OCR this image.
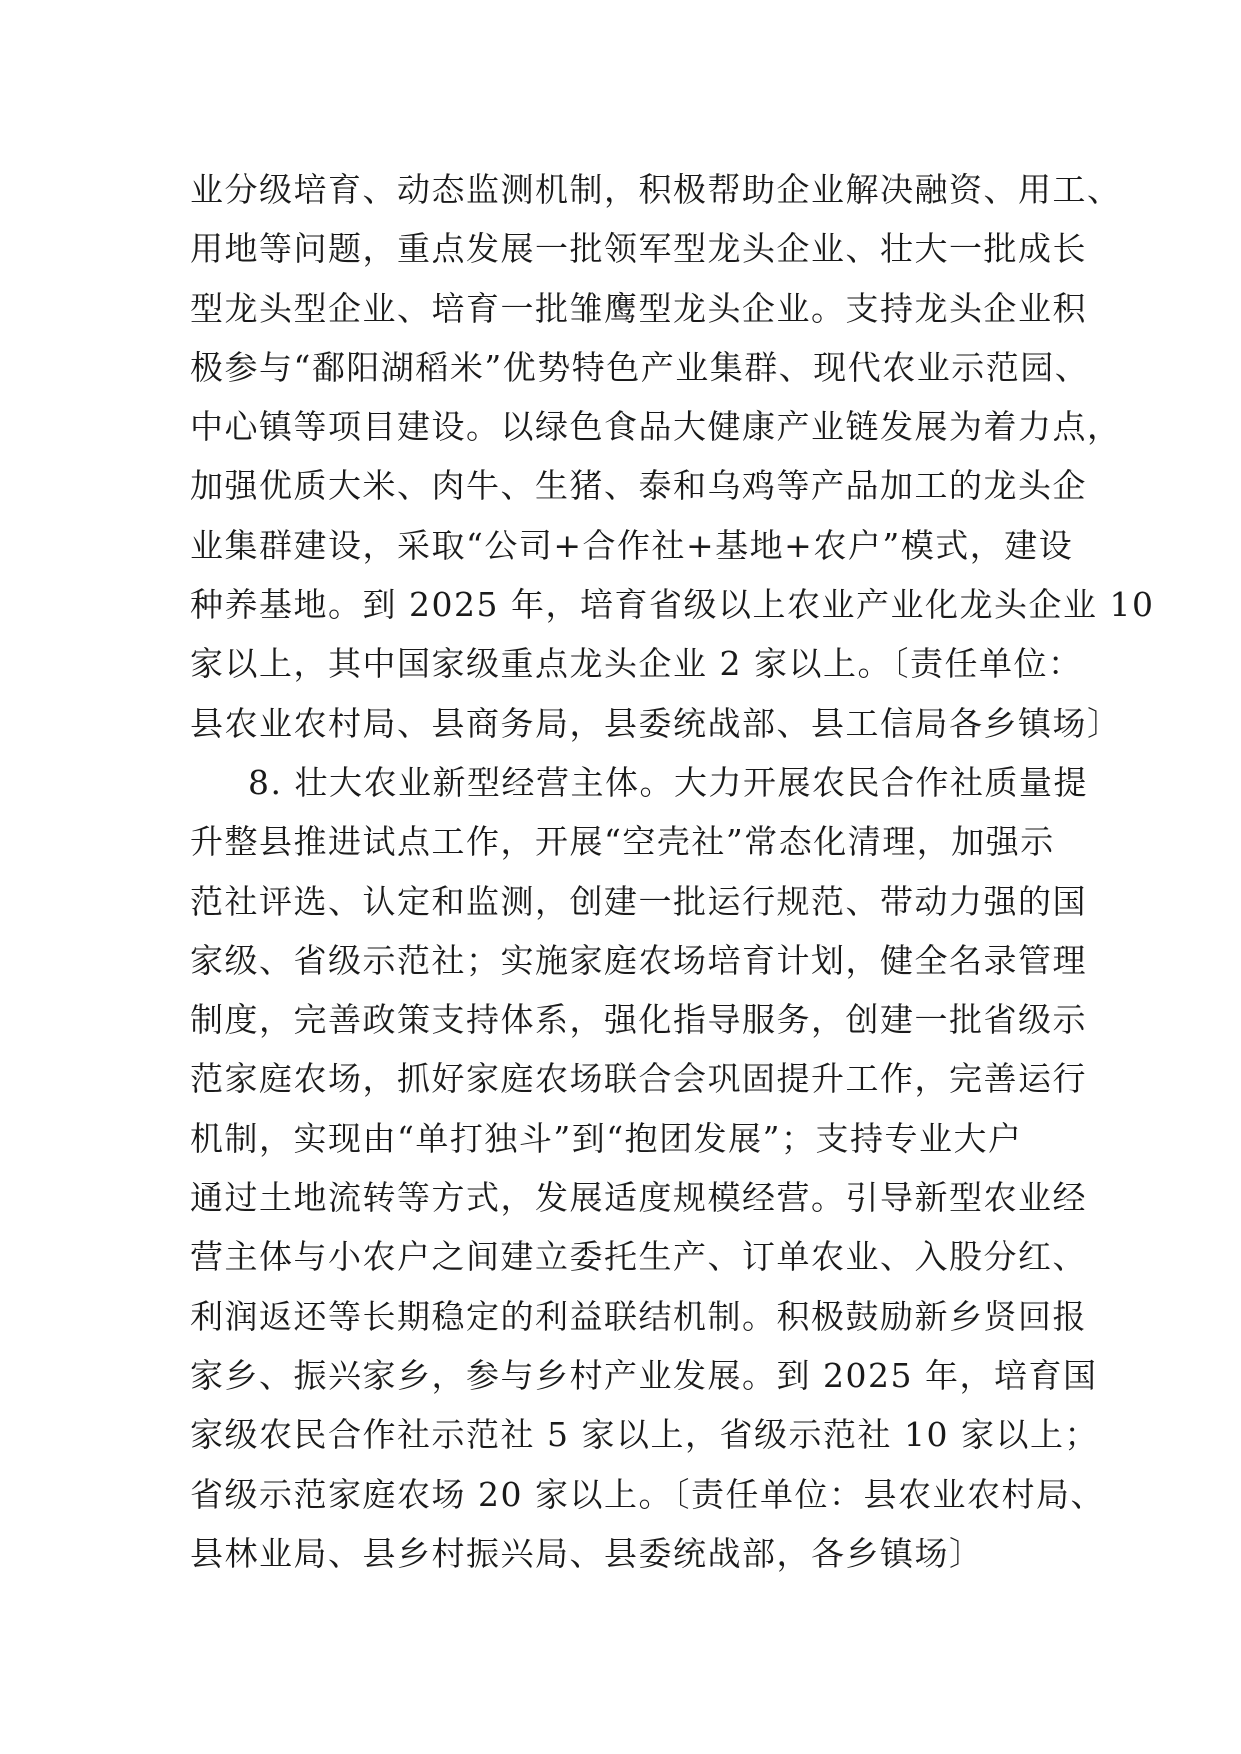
业分级培育、动态监测机制，积极帮助企业解决融资、用工、
用地等问题，重点发展一批领军型龙头企业、壮大一批成长
型龙头型企业、培育一批雏鹰型龙头企业。支持龙头企业积
极参与“鄱阳湖稻米”优势特色产业集群、现代农业示范园、
中心镇等项目建设。以绿色食品大健康产业链发展为着力点，
加强优质大米、肉牛、生猪、泰和乌鸡等产品加工的龙头企
业集群建设，采取“公司+合作社+基地+农户”模式，建设
种养基地。到 2025 年，培育省级以上农业产业化龙头企业 10
家以上，其中国家级重点龙头企业 2 家以上。〔责任单位：
县农业农村局、县商务局，县委统战部、县工信局各乡镇场〕
8. 壮大农业新型经营主体。大力开展农民合作社质量提
升整县推进试点工作，开展“空壳社”常态化清理，加强示
范社评选、认定和监测，创建一批运行规范、带动力强的国
家级、省级示范社；实施家庭农场培育计划，健全名录管理
制度，完善政策支持体系，强化指导服务，创建一批省级示
范家庭农场，抓好家庭农场联合会巩固提升工作，完善运行
机制，实现由“单打独斗”到“抱团发展”；支持专业大户
通过土地流转等方式，发展适度规模经营。引导新型农业经
营主体与小农户之间建立委托生产、订单农业、入股分红、
利润返还等长期稳定的利益联结机制。积极鼓励新乡贤回报
家乡、振兴家乡，参与乡村产业发展。到 2025 年，培育国
家级农民合作社示范社 5 家以上，省级示范社 10 家以上；
省级示范家庭农场 20 家以上。〔责任单位：县农业农村局、
县林业局、县乡村振兴局、县委统战部，各乡镇场〕
